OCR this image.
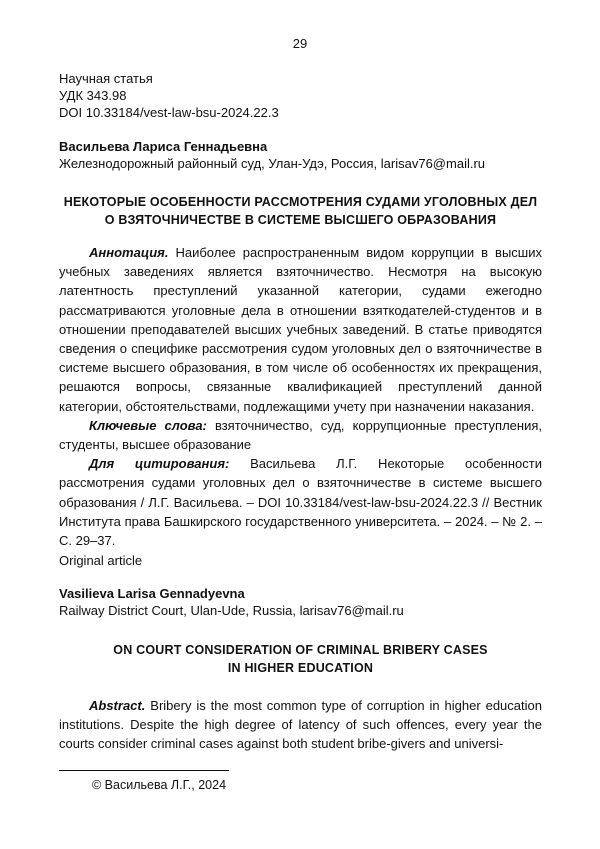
29
Научная статья
УДК 343.98
DOI 10.33184/vest-law-bsu-2024.22.3
Васильева Лариса Геннадьевна
Железнодорожный районный суд, Улан-Удэ, Россия, larisav76@mail.ru
НЕКОТОРЫЕ ОСОБЕННОСТИ РАССМОТРЕНИЯ СУДАМИ УГОЛОВНЫХ ДЕЛ
О ВЗЯТОЧНИЧЕСТВЕ В СИСТЕМЕ ВЫСШЕГО ОБРАЗОВАНИЯ

Аннотация. Наиболее распространенным видом коррупции в высших учебных заведениях является взяточничество. Несмотря на высокую латентность преступлений указанной категории, судами ежегодно рассматриваются уголовные дела в отношении взяткодателей-студентов и в отношении преподавателей высших учебных заведений. В статье приводятся сведения о специфике рассмотрения судом уголовных дел о взяточничестве в системе высшего образования, в том числе об особенностях их прекращения, решаются вопросы, связанные квалификацией преступлений данной категории, обстоятельствами, подлежащими учету при назначении наказания.

Ключевые слова: взяточничество, суд, коррупционные преступления, студенты, высшее образование

Для цитирования: Васильева Л.Г. Некоторые особенности рассмотрения судами уголовных дел о взяточничестве в системе высшего образования / Л.Г. Васильева. – DOI 10.33184/vest-law-bsu-2024.22.3 // Вестник Института права Башкирского государственного университета. – 2024. – № 2. – С. 29–37.

Original article
Vasilieva Larisa Gennadyevna
Railway District Court, Ulan-Ude, Russia, larisav76@mail.ru
ON COURT CONSIDERATION OF CRIMINAL BRIBERY CASES
IN HIGHER EDUCATION

Abstract. Bribery is the most common type of corruption in higher education institutions. Despite the high degree of latency of such offences, every year the courts consider criminal cases against both student bribe-givers and universi-

© Васильева Л.Г., 2024
